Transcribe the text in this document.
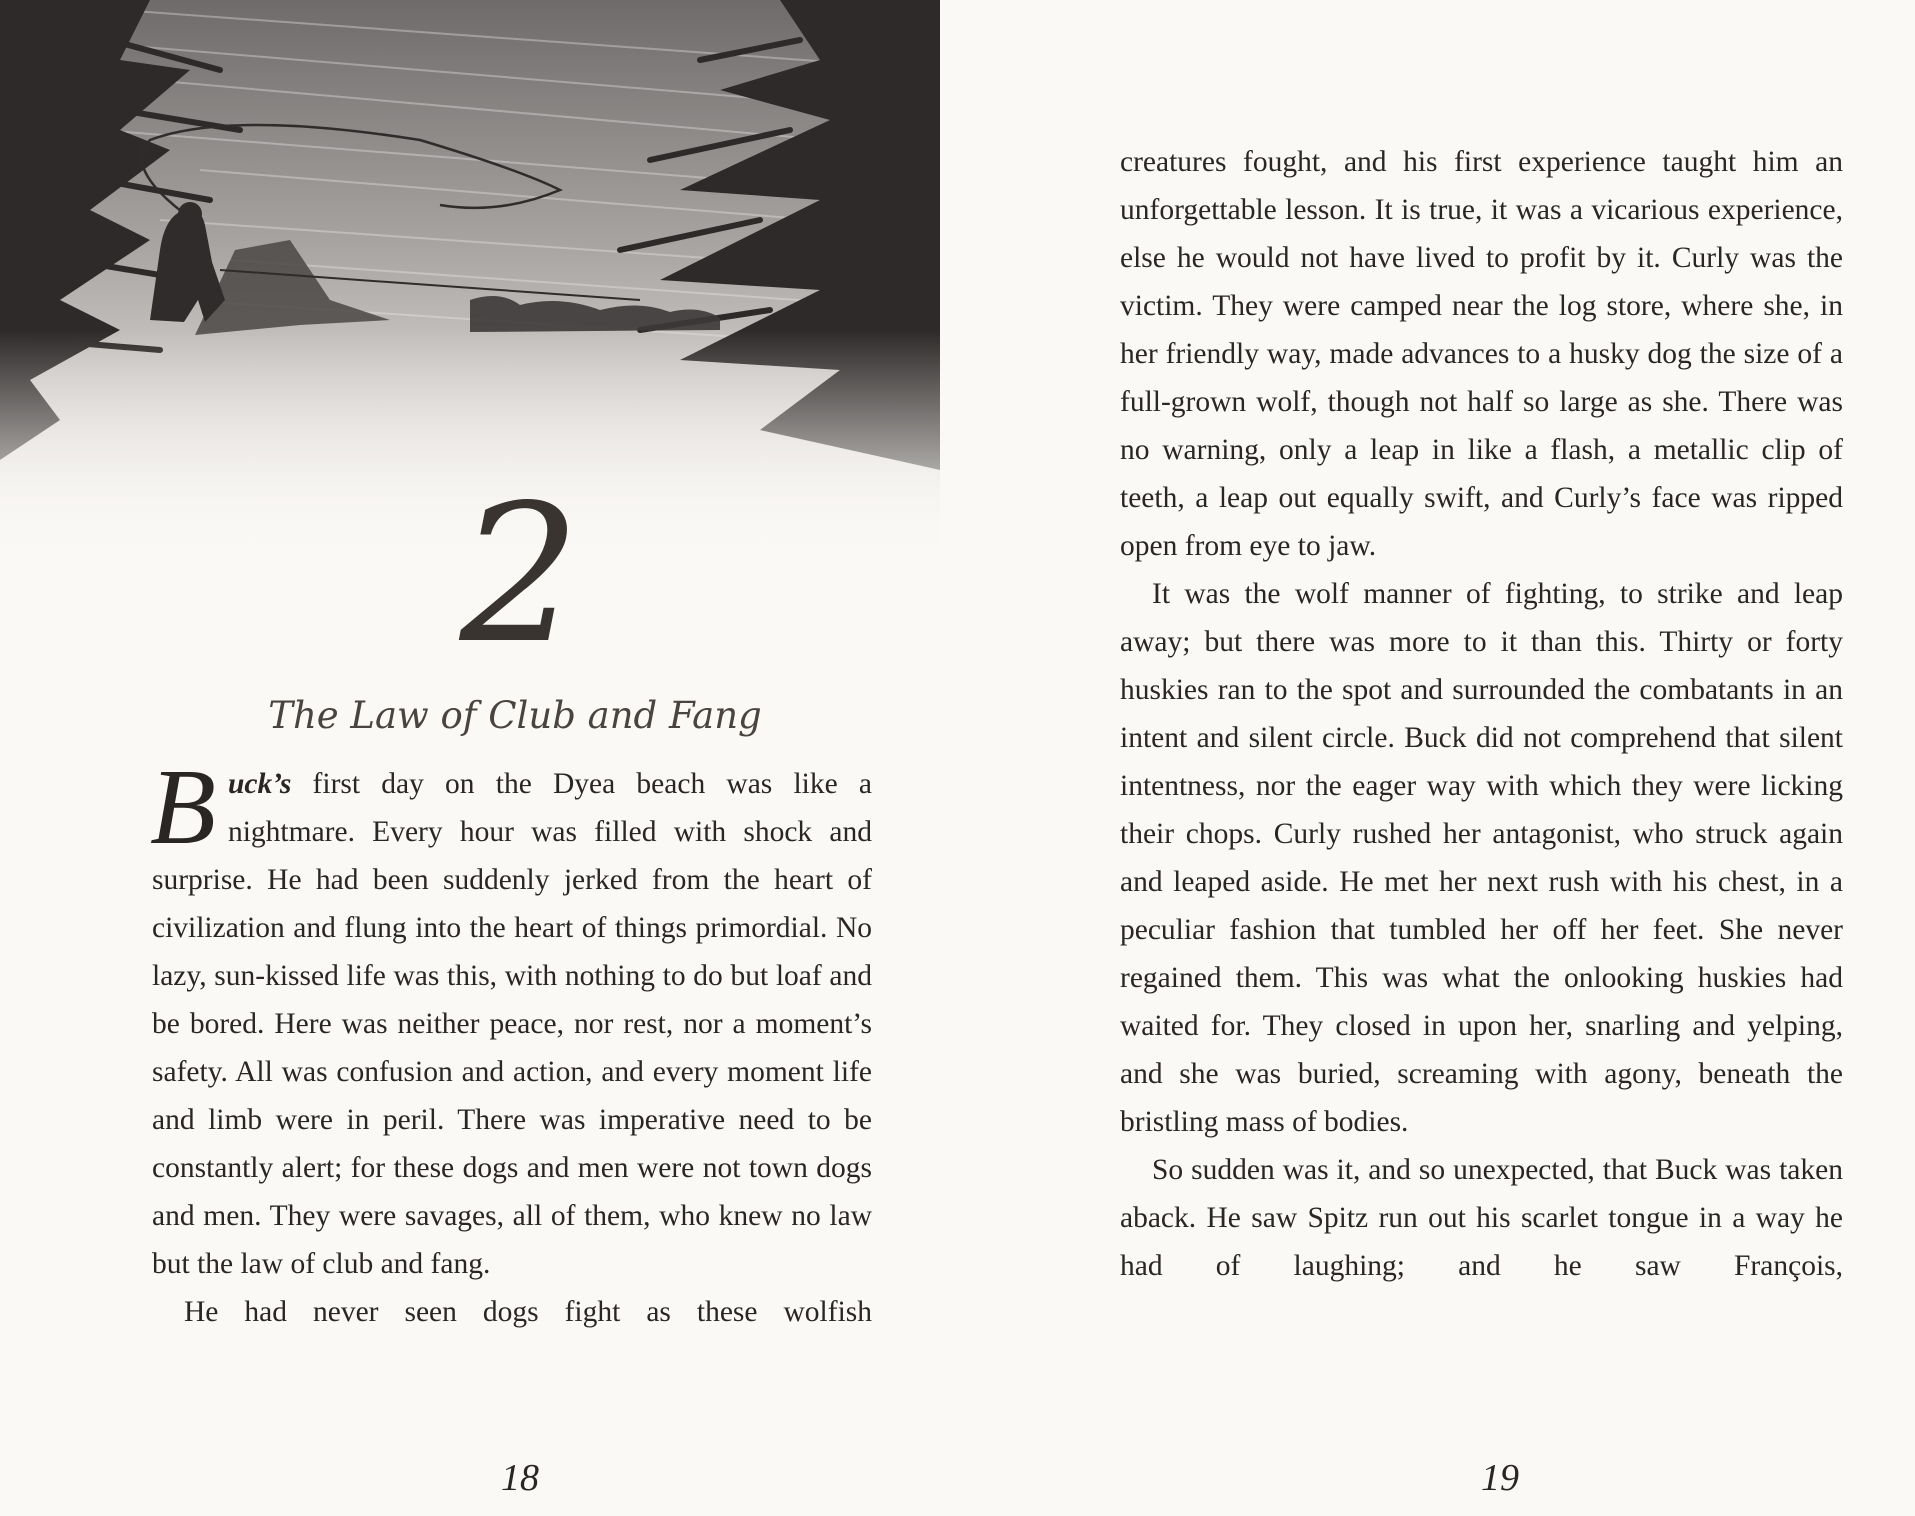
2
The Law of Club and Fang

Buck’s first day on the Dyea beach was like a nightmare. Every hour was filled with shock and surprise. He had been suddenly jerked from the heart of civilization and flung into the heart of things primordial. No lazy, sun-kissed life was this, with nothing to do but loaf and be bored. Here was neither peace, nor rest, nor a moment’s safety. All was confusion and action, and every moment life and limb were in peril. There was imperative need to be constantly alert; for these dogs and men were not town dogs and men. They were savages, all of them, who knew no law but the law of club and fang.

He had never seen dogs fight as these wolfish

18

creatures fought, and his first experience taught him an unforgettable lesson. It is true, it was a vicarious experience, else he would not have lived to profit by it. Curly was the victim. They were camped near the log store, where she, in her friendly way, made advances to a husky dog the size of a full-grown wolf, though not half so large as she. There was no warning, only a leap in like a flash, a metallic clip of teeth, a leap out equally swift, and Curly’s face was ripped open from eye to jaw.

It was the wolf manner of fighting, to strike and leap away; but there was more to it than this. Thirty or forty huskies ran to the spot and surrounded the combatants in an intent and silent circle. Buck did not comprehend that silent intentness, nor the eager way with which they were licking their chops. Curly rushed her antagonist, who struck again and leaped aside. He met her next rush with his chest, in a peculiar fashion that tumbled her off her feet. She never regained them. This was what the onlooking huskies had waited for. They closed in upon her, snarling and yelping, and she was buried, screaming with agony, beneath the bristling mass of bodies.

So sudden was it, and so unexpected, that Buck was taken aback. He saw Spitz run out his scarlet tongue in a way he had of laughing; and he saw François,

19
